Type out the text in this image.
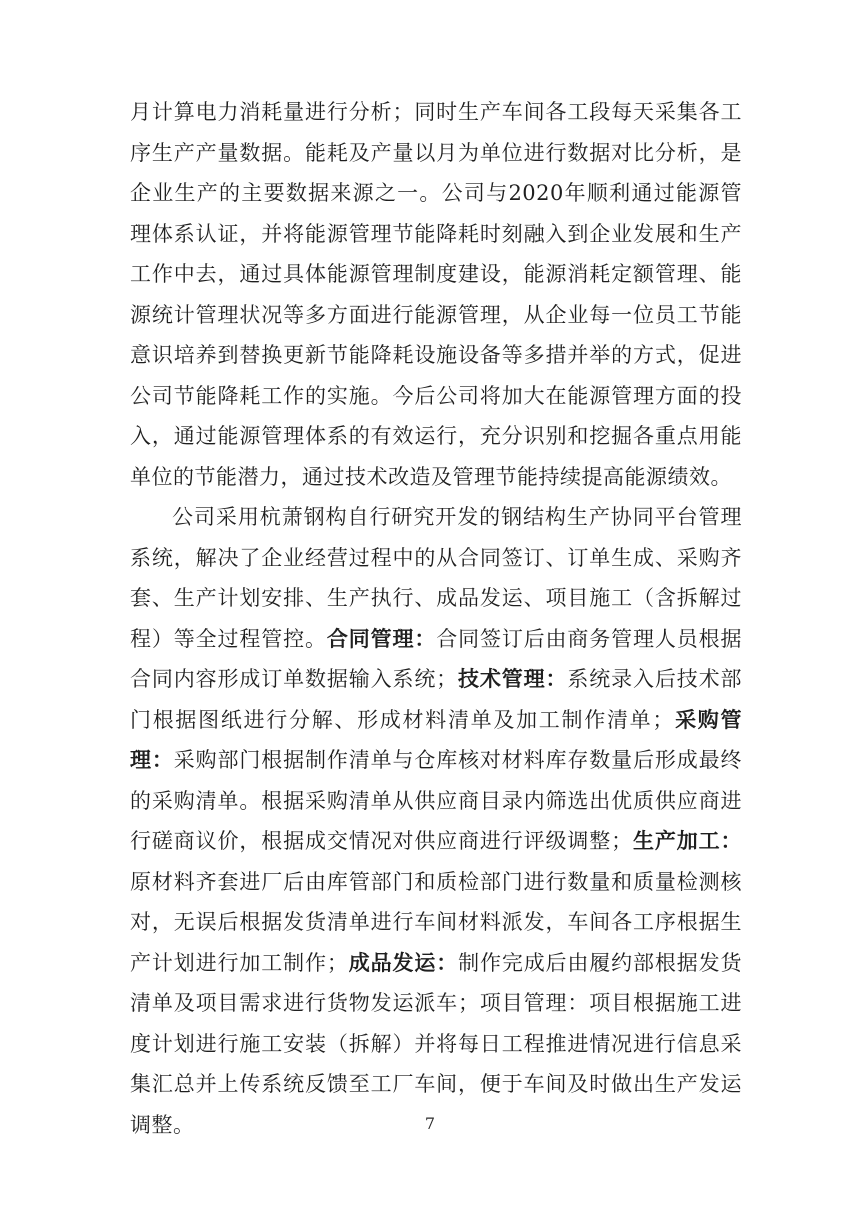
月计算电力消耗量进行分析；同时生产车间各工段每天采集各工序生产产量数据。能耗及产量以月为单位进行数据对比分析，是企业生产的主要数据来源之一。公司与2020年顺利通过能源管理体系认证，并将能源管理节能降耗时刻融入到企业发展和生产工作中去，通过具体能源管理制度建设，能源消耗定额管理、能源统计管理状况等多方面进行能源管理，从企业每一位员工节能意识培养到替换更新节能降耗设施设备等多措并举的方式，促进公司节能降耗工作的实施。今后公司将加大在能源管理方面的投入，通过能源管理体系的有效运行，充分识别和挖掘各重点用能单位的节能潜力，通过技术改造及管理节能持续提高能源绩效。

公司采用杭萧钢构自行研究开发的钢结构生产协同平台管理系统，解决了企业经营过程中的从合同签订、订单生成、采购齐套、生产计划安排、生产执行、成品发运、项目施工（含拆解过程）等全过程管控。合同管理：合同签订后由商务管理人员根据合同内容形成订单数据输入系统；技术管理：系统录入后技术部门根据图纸进行分解、形成材料清单及加工制作清单；采购管理：采购部门根据制作清单与仓库核对材料库存数量后形成最终的采购清单。根据采购清单从供应商目录内筛选出优质供应商进行磋商议价，根据成交情况对供应商进行评级调整；生产加工：原材料齐套进厂后由库管部门和质检部门进行数量和质量检测核对，无误后根据发货清单进行车间材料派发，车间各工序根据生产计划进行加工制作；成品发运：制作完成后由履约部根据发货清单及项目需求进行货物发运派车；项目管理：项目根据施工进度计划进行施工安装（拆解）并将每日工程推进情况进行信息采集汇总并上传系统反馈至工厂车间，便于车间及时做出生产发运调整。	7
